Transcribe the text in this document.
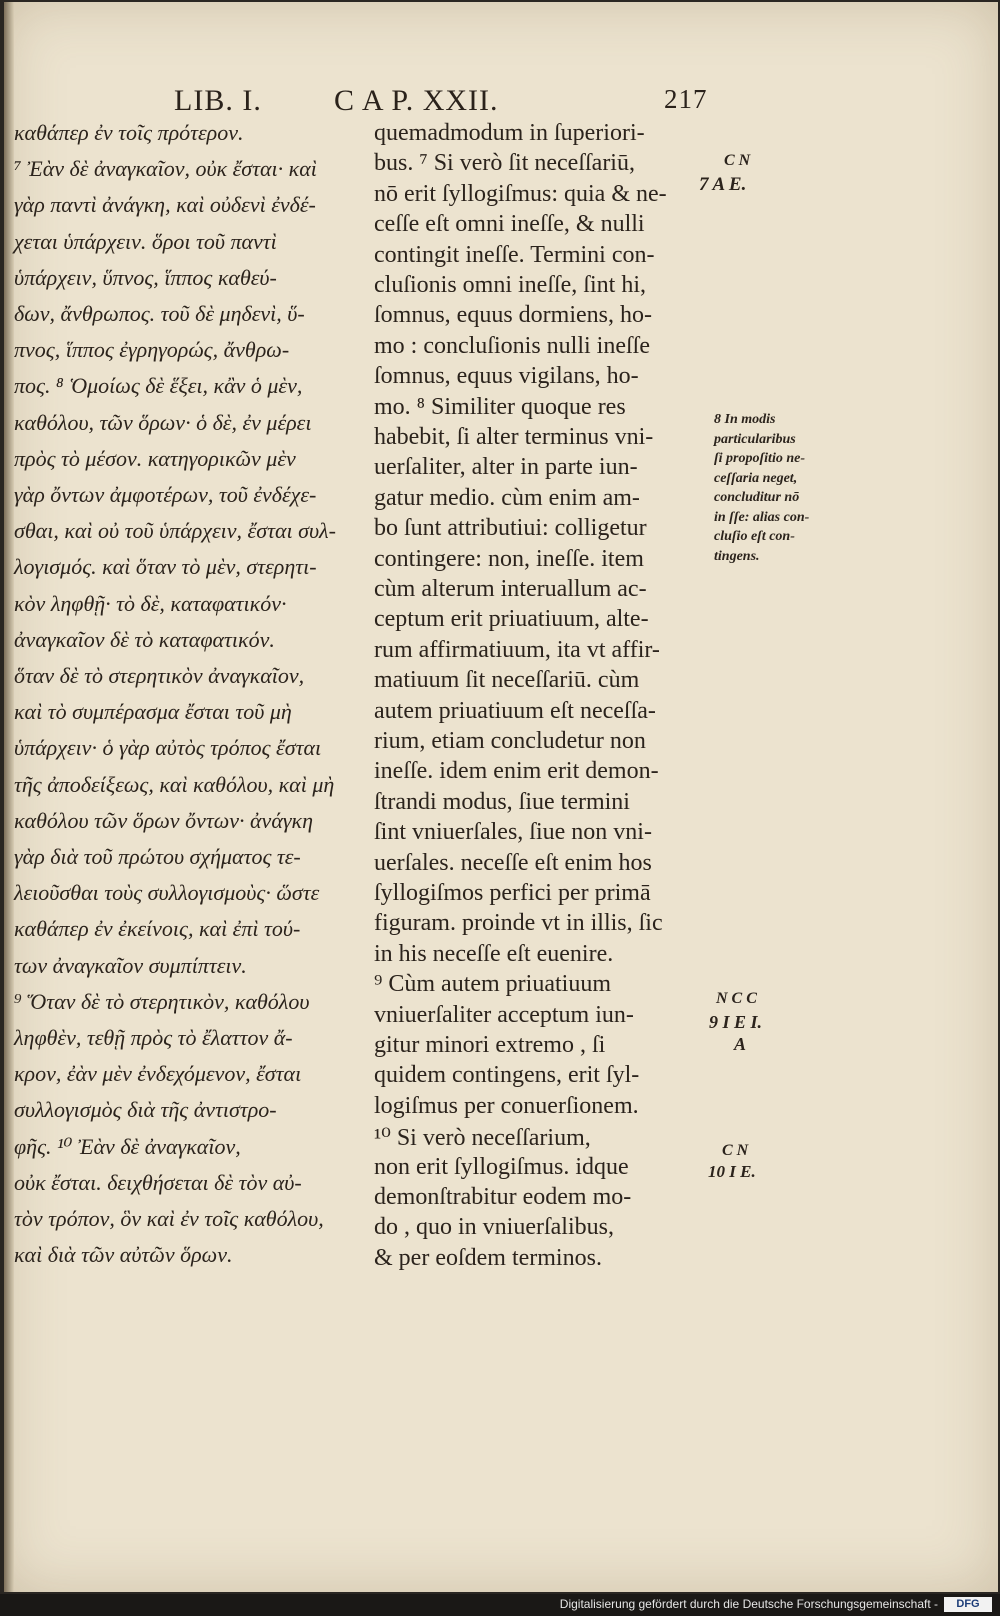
LIB. I. C A P. XXII.	217
καθάπερ ἐν τοῖς πρότερον.
⁷ Ἐὰν δὲ ἀναγκαῖον, οὐκ ἔσται· καὶ
γὰρ παντὶ ἀνάγκη, καὶ οὐδενὶ ἐνδέ-
χεται ὑπάρχειν. ὅροι τοῦ παντὶ
ὑπάρχειν, ὕπνος, ἵππος καθεύ-
δων, ἄνθρωπος. τοῦ δὲ μηδενὶ, ὕ-
πνος, ἵππος ἐγρηγορώς, ἄνθρω-
πος. ⁸ Ὁμοίως δὲ ἕξει, κἂν ὁ μὲν,
καθόλου, τῶν ὅρων· ὁ δὲ, ἐν μέρει
πρὸς τὸ μέσον. κατηγορικῶν μὲν
γὰρ ὄντων ἀμφοτέρων, τοῦ ἐνδέχε-
σθαι, καὶ οὐ τοῦ ὑπάρχειν, ἔσται συλ-
λογισμός. καὶ ὅταν τὸ μὲν, στερητι-
κὸν ληφθῇ· τὸ δὲ, καταφατικόν·
ἀναγκαῖον δὲ τὸ καταφατικόν.
ὅταν δὲ τὸ στερητικὸν ἀναγκαῖον,
καὶ τὸ συμπέρασμα ἔσται τοῦ μὴ
ὑπάρχειν· ὁ γὰρ αὐτὸς τρόπος ἔσται
τῆς ἀποδείξεως, καὶ καθόλου, καὶ μὴ
καθόλου τῶν ὅρων ὄντων· ἀνάγκη
γὰρ διὰ τοῦ πρώτου σχήματος τε-
λειοῦσθαι τοὺς συλλογισμοὺς· ὥστε
καθάπερ ἐν ἐκείνοις, καὶ ἐπὶ τού-
των ἀναγκαῖον συμπίπτειν.
⁹ Ὅταν δὲ τὸ στερητικὸν, καθόλου
ληφθὲν, τεθῇ πρὸς τὸ ἔλαττον ἄ-
κρον, ἐὰν μὲν ἐνδεχόμενον, ἔσται
συλλογισμὸς διὰ τῆς ἀντιστρο-
φῆς. ¹⁰ Ἐὰν δὲ ἀναγκαῖον,
οὐκ ἔσται. δειχθήσεται δὲ τὸν αὐ-
τὸν τρόπον, ὃν καὶ ἐν τοῖς καθόλου,
καὶ διὰ τῶν αὐτῶν ὅρων.
quemadmodum in ſuperiori-
bus. ⁷ Si verò ſit neceſſariū,
nō erit ſyllogiſmus: quia & ne-
ceſſe eſt omni ineſſe, & nulli
contingit ineſſe. Termini con-
cluſionis omni ineſſe, ſint hi,
ſomnus, equus dormiens, ho-
mo : concluſionis nulli ineſſe
ſomnus, equus vigilans, ho-
mo. ⁸ Similiter quoque res
habebit, ſi alter terminus vni-
uerſaliter, alter in parte iun-
gatur medio. cùm enim am-
bo ſunt attributiui: colligetur
contingere: non, ineſſe. item
cùm alterum interuallum ac-
ceptum erit priuatiuum, alte-
rum affirmatiuum, ita vt affir-
matiuum ſit neceſſariū. cùm
autem priuatiuum eſt neceſſa-
rium, etiam concludetur non
ineſſe. idem enim erit demon-
ſtrandi modus, ſiue termini
ſint vniuerſales, ſiue non vni-
uerſales. neceſſe eſt enim hos
ſyllogiſmos perfici per primā
figuram. proinde vt in illis, ſic
in his neceſſe eſt euenire.
⁹ Cùm autem priuatiuum
vniuerſaliter acceptum iun-
gitur minori extremo , ſi
quidem contingens, erit ſyl-
logiſmus per conuerſionem.
¹⁰ Si verò neceſſarium,
non erit ſyllogiſmus. idque
demonſtrabitur eodem mo-
do , quo in vniuerſalibus,
& per eoſdem terminos.
8 In modis
particularibus
ſi propoſitio ne-
ceſſaria neget,
concluditur nō
in ſſe: alias con-
cluſio eſt con-
tingens.
C N
7 A E.
N C C
9 I E I.
A
C N
10 I E.
Digitalisierung gefördert durch die Deutsche Forschungsgemeinschaft -	DFG
